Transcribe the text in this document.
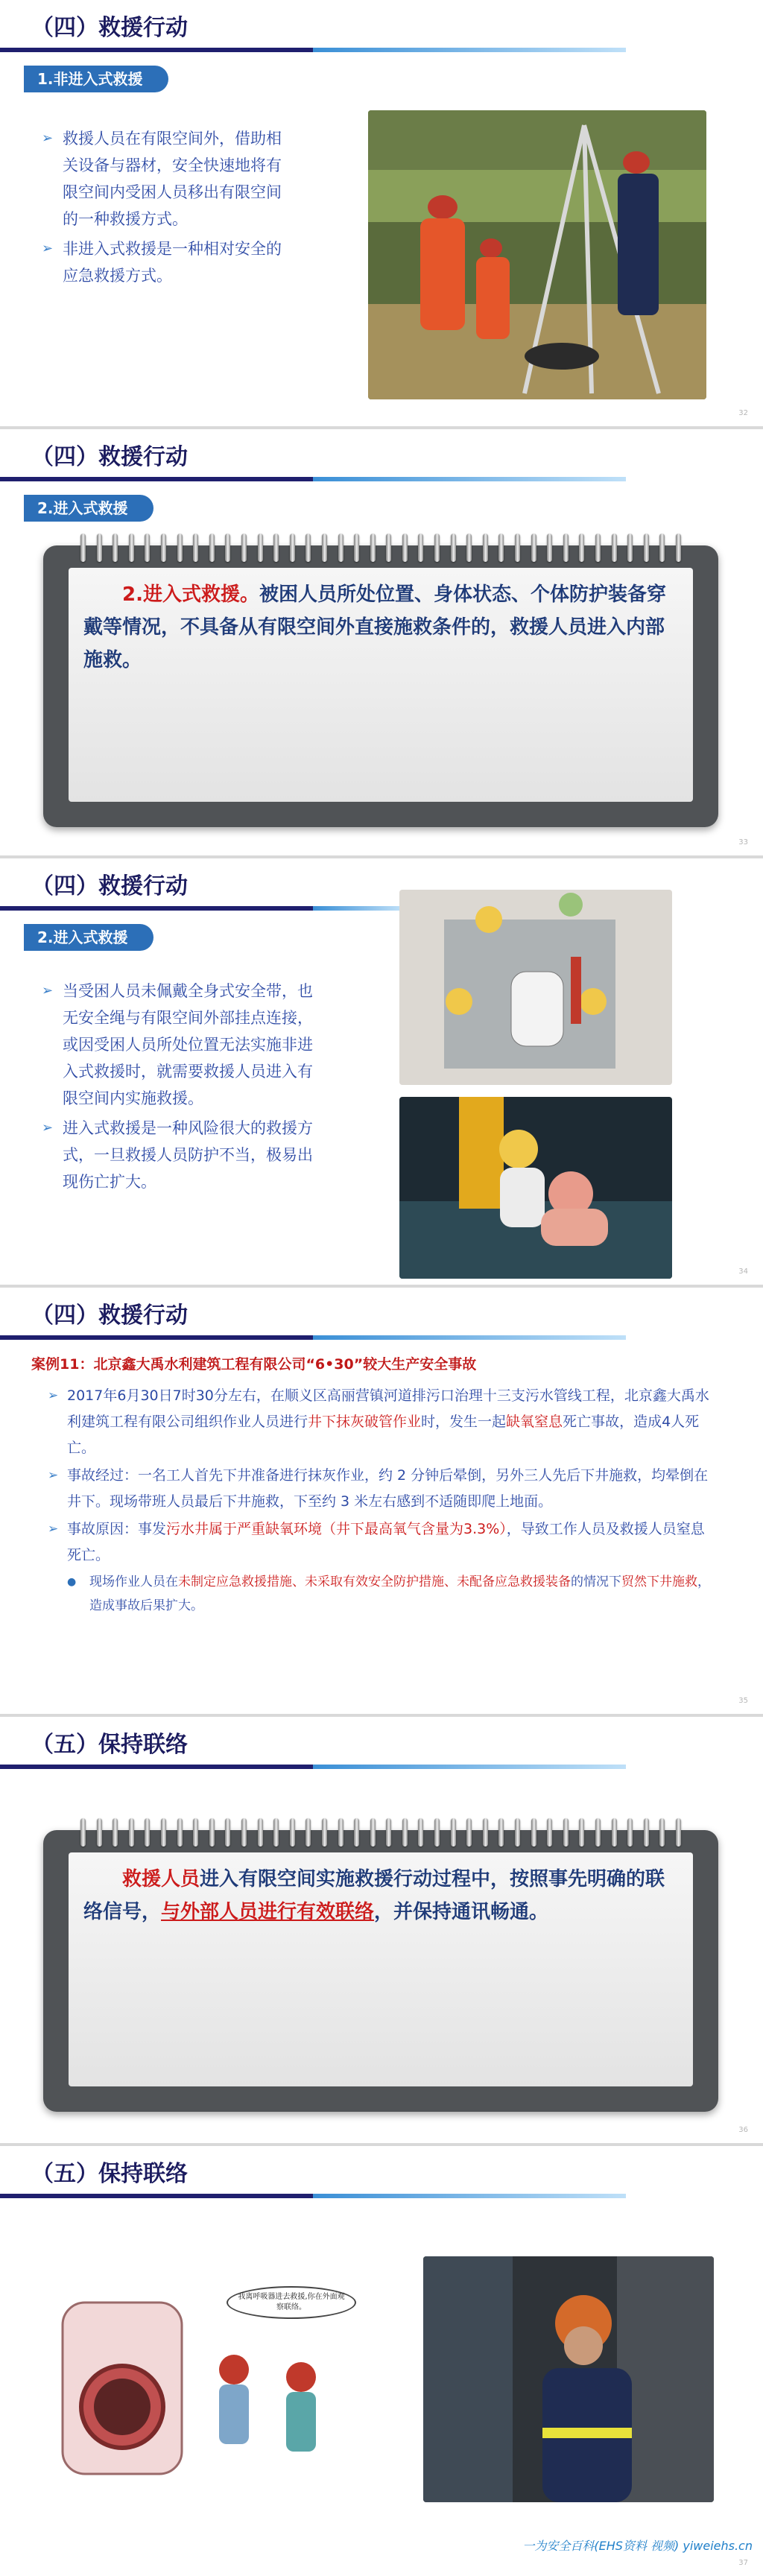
（四）救援行动
1.非进入式救援
➢ 救援人员在有限空间外，借助相关设备与器材，安全快速地将有限空间内受困人员移出有限空间的一种救援方式。
➢ 非进入式救援是一种相对安全的应急救援方式。
32
（四）救援行动
2.进入式救援
2.进入式救援。被困人员所处位置、身体状态、个体防护装备穿戴等情况，不具备从有限空间外直接施救条件的，救援人员进入内部施救。
33
（四）救援行动
2.进入式救援
➢ 当受困人员未佩戴全身式安全带，也无安全绳与有限空间外部挂点连接，或因受困人员所处位置无法实施非进入式救援时，就需要救援人员进入有限空间内实施救援。
➢ 进入式救援是一种风险很大的救援方式，一旦救援人员防护不当，极易出现伤亡扩大。
34
（四）救援行动
案例11：北京鑫大禹水利建筑工程有限公司“6•30”较大生产安全事故
➢ 2017年6月30日7时30分左右，在顺义区高丽营镇河道排污口治理十三支污水管线工程，北京鑫大禹水利建筑工程有限公司组织作业人员进行井下抹灰破管作业时，发生一起缺氧窒息死亡事故，造成4人死亡。
➢ 事故经过：一名工人首先下井准备进行抹灰作业，约 2 分钟后晕倒，另外三人先后下井施救，均晕倒在井下。现场带班人员最后下井施救，下至约 3 米左右感到不适随即爬上地面。
➢ 事故原因：事发污水井属于严重缺氧环境（井下最高氧气含量为3.3%），导致工作人员及救援人员窒息死亡。
● 现场作业人员在未制定应急救援措施、未采取有效安全防护措施、未配备应急救援装备的情况下贸然下井施救，造成事故后果扩大。
35
（五）保持联络
救援人员进入有限空间实施救援行动过程中，按照事先明确的联络信号，与外部人员进行有效联络，并保持通讯畅通。
36
（五）保持联络
我离呼吸器进去救援,你在外面观察联络。
一为安全百科(EHS资料 视频) yiweiehs.cn
37
